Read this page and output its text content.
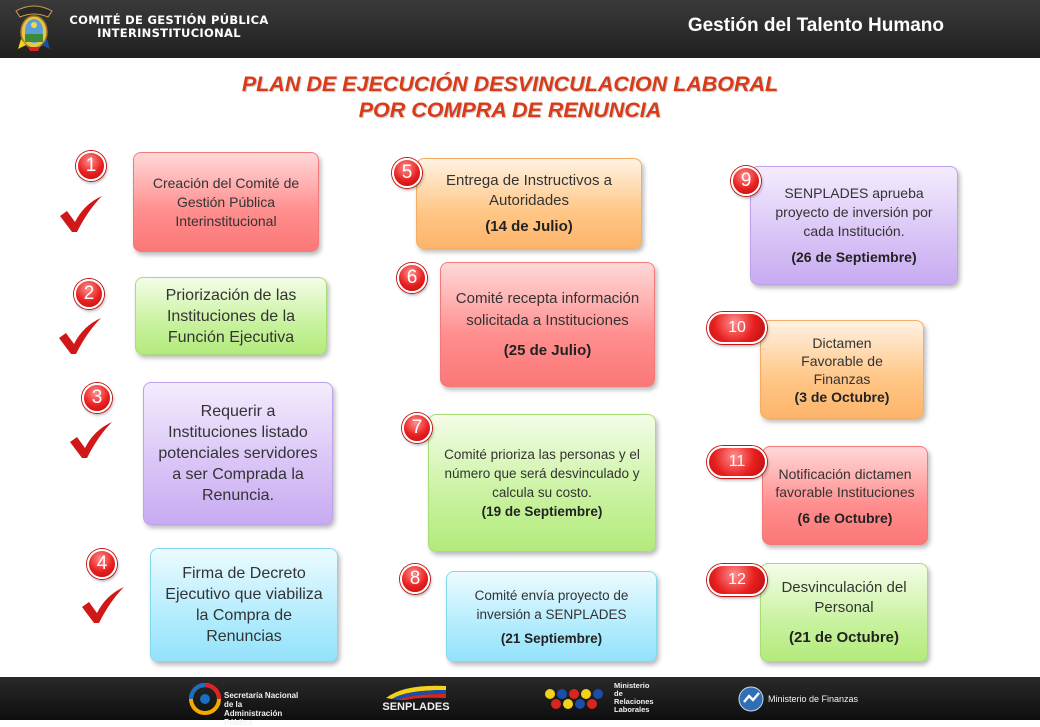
COMITÉ DE GESTIÓN PÚBLICA
INTERINSTITUCIONAL	Gestión del Talento Humano
PLAN DE EJECUCIÓN DESVINCULACION LABORAL
POR COMPRA DE RENUNCIA
Creación del Comité de Gestión Pública Interinstitucional
Priorización de las Instituciones de la Función Ejecutiva
Requerir a Instituciones listado potenciales servidores a ser Comprada la Renuncia.
Firma de Decreto Ejecutivo que viabiliza la Compra de Renuncias
Entrega de Instructivos a Autoridades
(14 de Julio)
Comité recepta información solicitada a Instituciones
(25 de Julio)
Comité prioriza las personas y el número que será desvinculado y calcula su costo.
(19 de Septiembre)
Comité envía proyecto de inversión a SENPLADES
(21 Septiembre)
SENPLADES aprueba proyecto de inversión por cada Institución.
(26 de Septiembre)
Dictamen Favorable de Finanzas
(3 de Octubre)
Notificación dictamen favorable Instituciones
(6 de Octubre)
Desvinculación del Personal
(21 de Octubre)
1
2
3
4
5
6
7
8
9
10
11
12
Secretaría Nacional de la
Administración Pública
SENPLADES
Ministerio
de
Relaciones
Laborales
Ministerio de Finanzas
